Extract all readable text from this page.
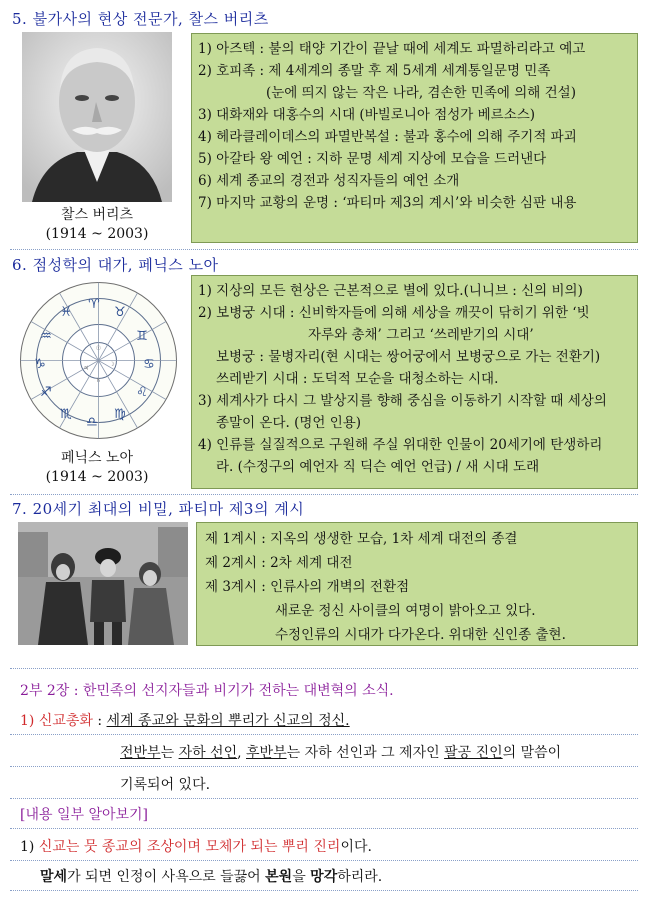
5. 불가사의 현상 전문가, 찰스 버리츠
찰스 버리츠
(1914 ~ 2003)
1) 아즈텍 : 불의 태양 기간이 끝날 때에 세계도 파멸하리라고 예고
2) 호피족 : 제 4세계의 종말 후 제 5세계 세계통일문명 민족
(눈에 띄지 않는 작은 나라, 겸손한 민족에 의해 건설)
3) 대화재와 대홍수의 시대 (바빌로니아 점성가 베르소스)
4) 헤라클레이데스의 파멸반복설 : 불과 홍수에 의해 주기적 파괴
5) 아갈타 왕 예언 : 지하 문명 세계 지상에 모습을 드러낸다
6) 세계 종교의 경전과 성직자들의 예언 소개
7) 마지막 교황의 운명 : ‘파티마 제3의 계시’와 비슷한 심판 내용
6. 점성학의 대가, 페닉스 노아
♉
♊
♋
♌
♍
♎
♏
♐
♑
♒
♓
♈
☉
☽
♃
♄
페닉스 노아
(1914 ~ 2003)
1) 지상의 모든 현상은 근본적으로 별에 있다.(니니브 : 신의 비의)
2) 보병궁 시대 : 신비학자들에 의해 세상을 깨끗이 닦히기 위한 ‘빗
자루와 총채’ 그리고 ‘쓰레받기의 시대’
보병궁 : 물병자리(현 시대는 쌍어궁에서 보병궁으로 가는 전환기)
쓰레받기 시대 : 도덕적 모순을 대청소하는 시대.
3) 세계사가 다시 그 발상지를 향해 중심을 이동하기 시작할 때 세상의
종말이 온다. (명언 인용)
4) 인류를 실질적으로 구원해 주실 위대한 인물이 20세기에 탄생하리
라. (수정구의 예언자 직 딕슨 예언 언급) / 새 시대 도래
7. 20세기 최대의 비밀, 파티마 제3의 계시
제 1계시 : 지옥의 생생한 모습, 1차 세계 대전의 종결
제 2계시 : 2차 세계 대전
제 3계시 : 인류사의 개벽의 전환점
새로운 정신 사이클의 여명이 밝아오고 있다.
수정인류의 시대가 다가온다. 위대한 신인종 출현.
2부 2장 : 한민족의 선지자들과 비기가 전하는 대변혁의 소식.
1) 신교총화 : 세계 종교와 문화의 뿌리가 신교의 정신.
전반부는 자하 선인, 후반부는 자하 선인과 그 제자인 팔공 진인의 말씀이
기록되어 있다.
[내용 일부 알아보기]
1) 신교는 뭇 종교의 조상이며 모체가 되는 뿌리 진리이다.
말세가 되면 인정이 사욕으로 들끓어 본원을 망각하리라.
